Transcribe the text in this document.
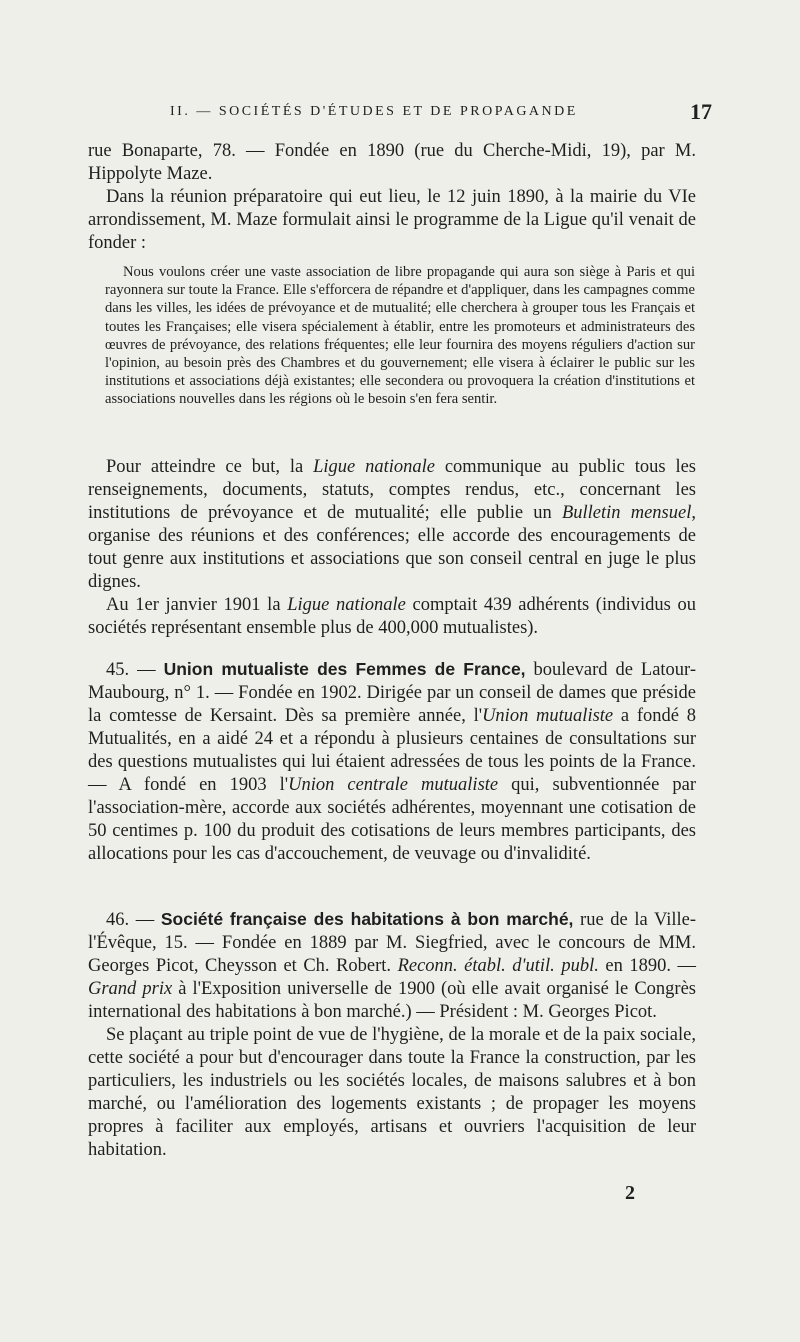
II. — SOCIÉTÉS D'ÉTUDES ET DE PROPAGANDE	17

rue Bonaparte, 78. — Fondée en 1890 (rue du Cherche-Midi, 19), par M. Hippolyte Maze.

Dans la réunion préparatoire qui eut lieu, le 12 juin 1890, à la mairie du VIe arrondissement, M. Maze formulait ainsi le programme de la Ligue qu'il venait de fonder :

Nous voulons créer une vaste association de libre propagande qui aura son siège à Paris et qui rayonnera sur toute la France. Elle s'efforcera de répandre et d'appliquer, dans les campagnes comme dans les villes, les idées de prévoyance et de mutualité; elle cherchera à grouper tous les Français et toutes les Françaises; elle visera spécialement à établir, entre les promoteurs et administrateurs des œuvres de prévoyance, des relations fréquentes; elle leur fournira des moyens réguliers d'action sur l'opinion, au besoin près des Chambres et du gouvernement; elle visera à éclairer le public sur les institutions et associations déjà existantes; elle secondera ou provoquera la création d'institutions et associations nouvelles dans les régions où le besoin s'en fera sentir.

Pour atteindre ce but, la Ligue nationale communique au public tous les renseignements, documents, statuts, comptes rendus, etc., concernant les institutions de prévoyance et de mutualité; elle publie un Bulletin mensuel, organise des réunions et des conférences; elle accorde des encouragements de tout genre aux institutions et associations que son conseil central en juge le plus dignes.

Au 1er janvier 1901 la Ligue nationale comptait 439 adhérents (individus ou sociétés représentant ensemble plus de 400,000 mutualistes).

45. — Union mutualiste des Femmes de France, boulevard de Latour-Maubourg, n° 1. — Fondée en 1902. Dirigée par un conseil de dames que préside la comtesse de Kersaint. Dès sa première année, l'Union mutualiste a fondé 8 Mutualités, en a aidé 24 et a répondu à plusieurs centaines de consultations sur des questions mutualistes qui lui étaient adressées de tous les points de la France. — A fondé en 1903 l'Union centrale mutualiste qui, subventionnée par l'association-mère, accorde aux sociétés adhérentes, moyennant une cotisation de 50 centimes p. 100 du produit des cotisations de leurs membres participants, des allocations pour les cas d'accouchement, de veuvage ou d'invalidité.

46. — Société française des habitations à bon marché, rue de la Ville-l'Évêque, 15. — Fondée en 1889 par M. Siegfried, avec le concours de MM. Georges Picot, Cheysson et Ch. Robert. Reconn. établ. d'util. publ. en 1890. — Grand prix à l'Exposition universelle de 1900 (où elle avait organisé le Congrès international des habitations à bon marché.) — Président : M. Georges Picot.

Se plaçant au triple point de vue de l'hygiène, de la morale et de la paix sociale, cette société a pour but d'encourager dans toute la France la construction, par les particuliers, les industriels ou les sociétés locales, de maisons salubres et à bon marché, ou l'amélioration des logements existants ; de propager les moyens propres à faciliter aux employés, artisans et ouvriers l'acquisition de leur habitation.

2
